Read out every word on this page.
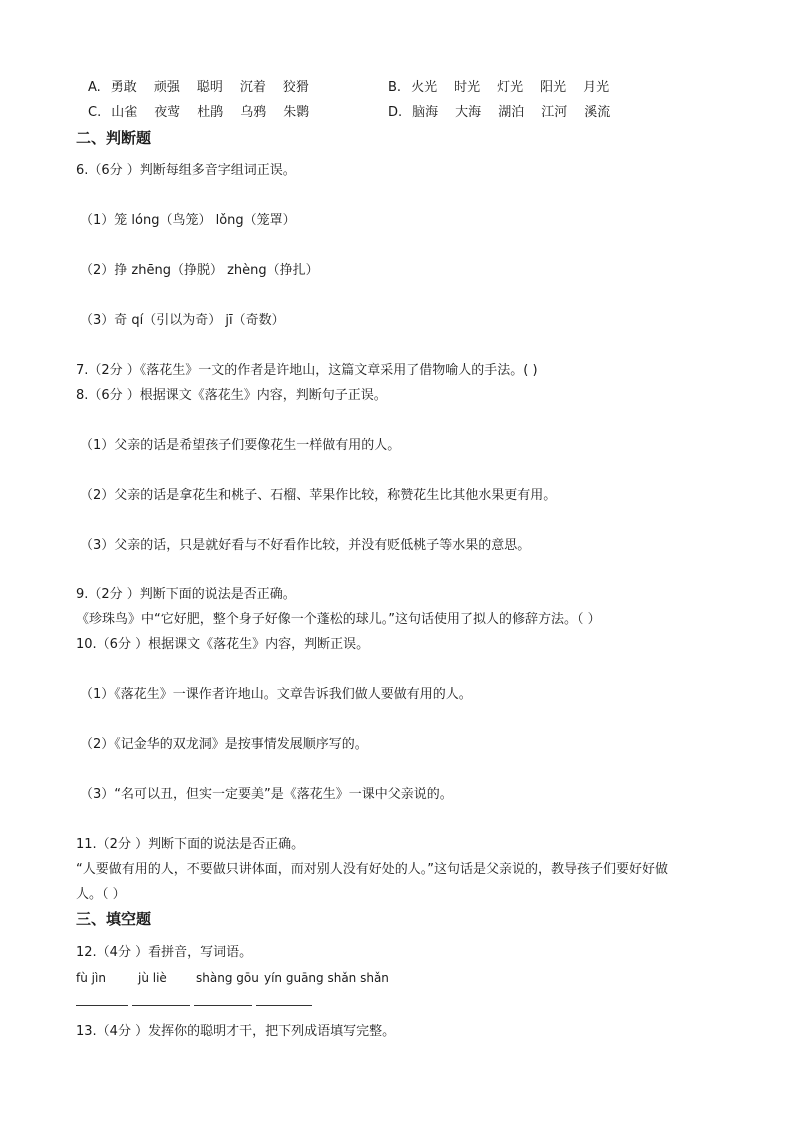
A. 勇敢 顽强 聪明 沉着 狡猾	B. 火光 时光 灯光 阳光 月光
C. 山雀 夜莺 杜鹃 乌鸦 朱鹮	D. 脑海 大海 湖泊 江河 溪流
二、判断题
6.（6分 ）判断每组多音字组词正误。
（1）笼 lóng（鸟笼） lǒng（笼罩）
（2）挣 zhēng（挣脱） zhèng（挣扎）
（3）奇 qí（引以为奇） jī（奇数）
7.（2分 ）《落花生》一文的作者是许地山，这篇文章采用了借物喻人的手法。( )
8.（6分 ）根据课文《落花生》内容，判断句子正误。
（1）父亲的话是希望孩子们要像花生一样做有用的人。
（2）父亲的话是拿花生和桃子、石榴、苹果作比较，称赞花生比其他水果更有用。
（3）父亲的话，只是就好看与不好看作比较，并没有贬低桃子等水果的意思。
9.（2分 ）判断下面的说法是否正确。
《珍珠鸟》中“它好肥，整个身子好像一个蓬松的球儿。”这句话使用了拟人的修辞方法。（ ）
10.（6分 ）根据课文《落花生》内容，判断正误。
（1）《落花生》一课作者许地山。文章告诉我们做人要做有用的人。
（2）《记金华的双龙洞》是按事情发展顺序写的。
（3）“名可以丑，但实一定要美”是《落花生》一课中父亲说的。
11.（2分 ）判断下面的说法是否正确。
“人要做有用的人，不要做只讲体面，而对别人没有好处的人。”这句话是父亲说的，教导孩子们要好好做
人。（ ）
三、填空题
12.（4分 ）看拼音，写词语。
fù jìn	jù liè shàng gōu yín guāng shǎn shǎn
13.（4分 ）发挥你的聪明才干，把下列成语填写完整。
